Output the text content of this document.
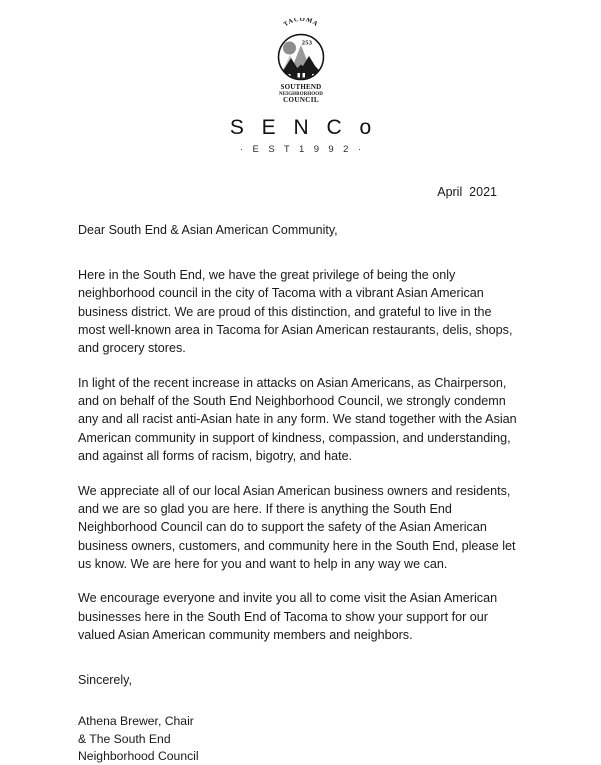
TACOMA
253
SOUTHEND
NEIGHBORHOOD
COUNCIL
S E N C o
· E S T 1 9 9 2 ·
April  2021

Dear South End & Asian American Community,

Here in the South End, we have the great privilege of being the only neighborhood council in the city of Tacoma with a vibrant Asian American business district. We are proud of this distinction, and grateful to live in the most well-known area in Tacoma for Asian American restaurants, delis, shops, and grocery stores.

In light of the recent increase in attacks on Asian Americans, as Chairperson, and on behalf of the South End Neighborhood Council, we strongly condemn any and all racist anti-Asian hate in any form. We stand together with the Asian American community in support of kindness, compassion, and understanding, and against all forms of racism, bigotry, and hate.

We appreciate all of our local Asian American business owners and residents, and we are so glad you are here. If there is anything the South End Neighborhood Council can do to support the safety of the Asian American business owners, customers, and community here in the South End, please let us know. We are here for you and want to help in any way we can.

We encourage everyone and invite you all to come visit the Asian American businesses here in the South End of Tacoma to show your support for our valued Asian American community members and neighbors.

Sincerely,

Athena Brewer, Chair
& The South End
Neighborhood Council
